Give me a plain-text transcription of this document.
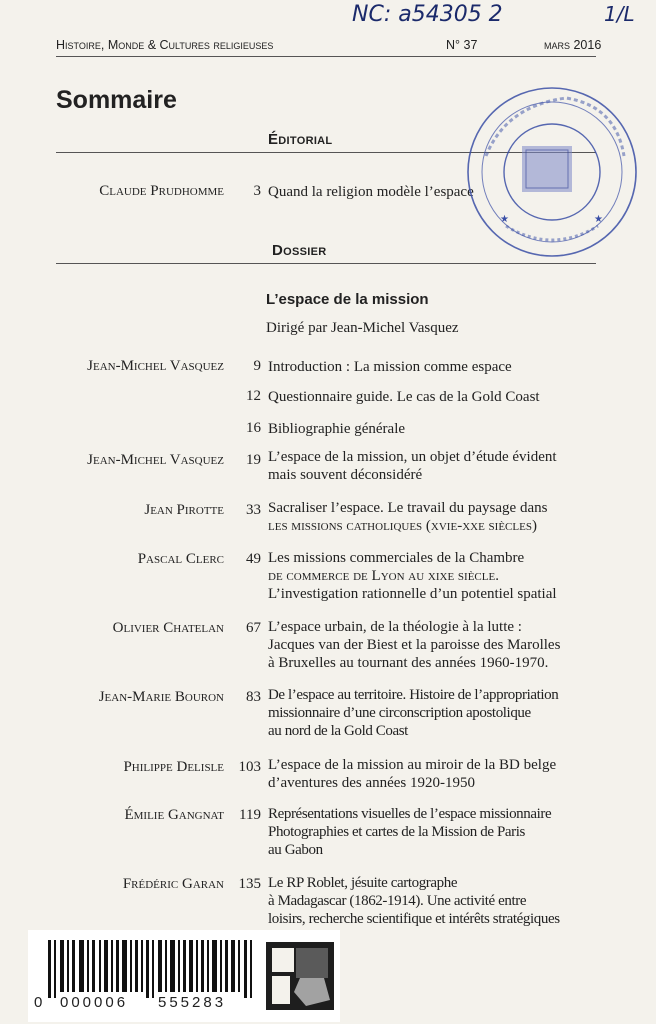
NC: a54305 2	1/L
Histoire, Monde & Cultures religieuses	N° 37	mars 2016
Sommaire
Éditorial
Claude Prudhomme	3 Quand la religion modèle l’espace
Dossier
L’espace de la mission
Dirigé par Jean-Michel Vasquez
Jean-Michel Vasquez	9 Introduction : La mission comme espace
12 Questionnaire guide. Le cas de la Gold Coast
16 Bibliographie générale
Jean-Michel Vasquez	19 L’espace de la mission, un objet d’étude évident
mais souvent déconsidéré
Jean Pirotte	33 Sacraliser l’espace. Le travail du paysage dans
les missions catholiques (xvie-xxe siècles)
Pascal Clerc	49 Les missions commerciales de la Chambre
de commerce de Lyon au xixe siècle.
L’investigation rationnelle d’un potentiel spatial
Olivier Chatelan	67 L’espace urbain, de la théologie à la lutte :
Jacques van der Biest et la paroisse des Marolles
à Bruxelles au tournant des années 1960-1970.
Jean-Marie Bouron	83 De l’espace au territoire. Histoire de l’appropriation
missionnaire d’une circonscription apostolique
au nord de la Gold Coast
Philippe Delisle 103 L’espace de la mission au miroir de la BD belge
d’aventures des années 1920-1950
Émilie Gangnat	119 Représentations visuelles de l’espace missionnaire
Photographies et cartes de la Mission de Paris
au Gabon
Frédéric Garan 135 Le RP Roblet, jésuite cartographe
à Madagascar (1862-1914). Une activité entre
loisirs, recherche scientifique et intérêts stratégiques
★	★
0 000006 555283
